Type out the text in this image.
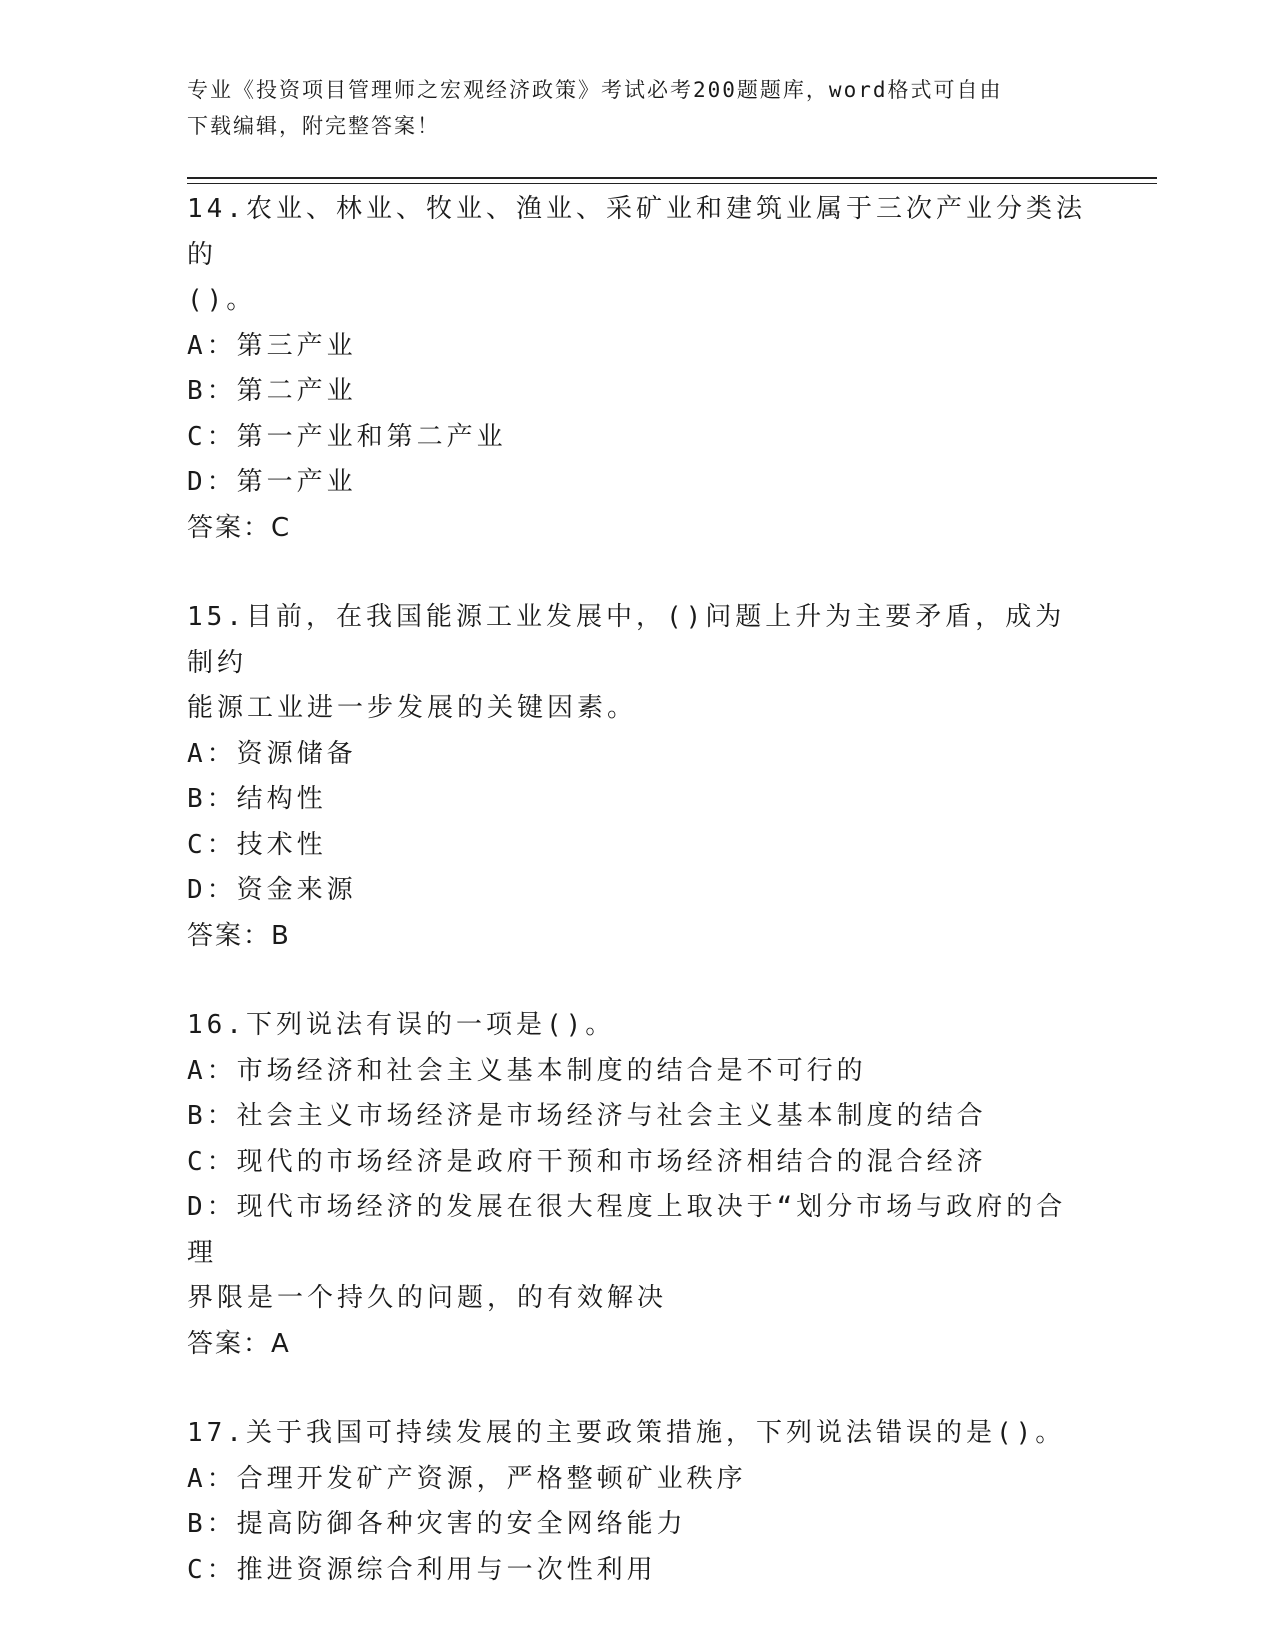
专业《投资项目管理师之宏观经济政策》考试必考200题题库，word格式可自由
下载编辑，附完整答案！
14.农业、林业、牧业、渔业、采矿业和建筑业属于三次产业分类法的
()。
A：第三产业
B：第二产业
C：第一产业和第二产业
D：第一产业
答案：C
15.目前，在我国能源工业发展中，()问题上升为主要矛盾，成为制约
能源工业进一步发展的关键因素。
A：资源储备
B：结构性
C：技术性
D：资金来源
答案：B
16.下列说法有误的一项是()。
A：市场经济和社会主义基本制度的结合是不可行的
B：社会主义市场经济是市场经济与社会主义基本制度的结合
C：现代的市场经济是政府干预和市场经济相结合的混合经济
D：现代市场经济的发展在很大程度上取决于“划分市场与政府的合理
界限是一个持久的问题，的有效解决
答案：A
17.关于我国可持续发展的主要政策措施，下列说法错误的是()。
A：合理开发矿产资源，严格整顿矿业秩序
B：提高防御各种灾害的安全网络能力
C：推进资源综合利用与一次性利用
